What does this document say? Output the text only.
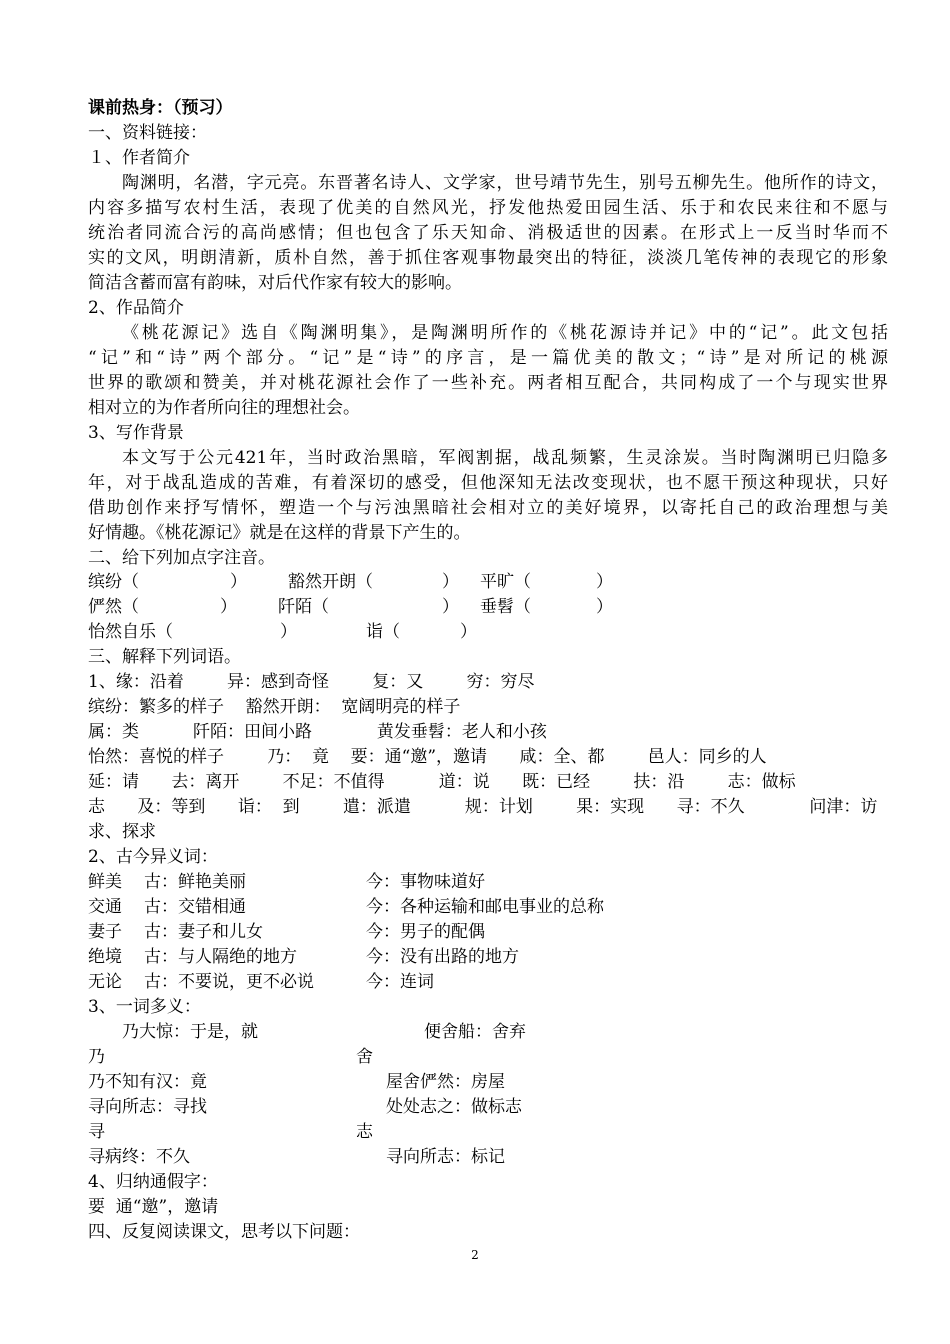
课前热身：（预习）
一、资料链接：
１、作者简介
陶渊明，名潜，字元亮。东晋著名诗人、文学家，世号靖节先生，别号五柳先生。他所作的诗文，
内容多描写农村生活，表现了优美的自然风光，抒发他热爱田园生活、乐于和农民来往和不愿与
统治者同流合污的高尚感情；但也包含了乐天知命、消极适世的因素。在形式上一反当时华而不
实的文风，明朗清新，质朴自然，善于抓住客观事物最突出的特征，淡淡几笔传神的表现它的形象
简洁含蓄而富有韵味，对后代作家有较大的影响。
2、作品简介
《桃花源记》选自《陶渊明集》，是陶渊明所作的《桃花源诗并记》中的“记”。此文包括
“记”和“诗”两个部分。“记”是“诗”的序言，是一篇优美的散文；“诗”是对所记的桃源
世界的歌颂和赞美，并对桃花源社会作了一些补充。两者相互配合，共同构成了一个与现实世界
相对立的为作者所向往的理想社会。
3、写作背景
本文写于公元421年，当时政治黑暗，军阀割据，战乱频繁，生灵涂炭。当时陶渊明已归隐多
年，对于战乱造成的苦难，有着深切的感受，但他深知无法改变现状，也不愿干预这种现状，只好
借助创作来抒写情怀，塑造一个与污浊黑暗社会相对立的美好境界，以寄托自己的政治理想与美
好情趣。《桃花源记》就是在这样的背景下产生的。
二、给下列加点字注音。
缤纷（	） 豁然开朗（	） 平旷（	）
俨然（	） 阡陌（	） 垂髫（	）
怡然自乐（	）	诣（	）
三、解释下列词语。
1、缘：沿着        异：感到奇怪        复：又        穷：穷尽
缤纷：繁多的样子    豁然开朗：  宽阔明亮的样子
属：类          阡陌：田间小路            黄发垂髫：老人和小孩
怡然：喜悦的样子        乃：  竟    要：通“邀”，邀请      咸：全、都        邑人：同乡的人
延：请      去：离开        不足：不值得          道：说      既：已经        扶：沿        志：做标
志      及：等到      诣：  到        遣：派遣          规：计划        果：实现      寻：不久            问津：访
求、探求
2、古今异义词：
鲜美 古：鲜艳美丽	今：事物味道好
交通 古：交错相通	今：各种运输和邮电事业的总称
妻子 古：妻子和儿女	今：男子的配偶
绝境 古：与人隔绝的地方	今：没有出路的地方
无论 古：不要说，更不必说	今：连词
3、一词多义：
乃大惊：于是，就	便舍船：舍弃
乃	舍
乃不知有汉：竟	屋舍俨然：房屋
寻向所志：寻找	处处志之：做标志
寻	志
寻病终：不久	寻向所志：标记
4、归纳通假字：
要  通“邀”，邀请
四、反复阅读课文，思考以下问题：
2
